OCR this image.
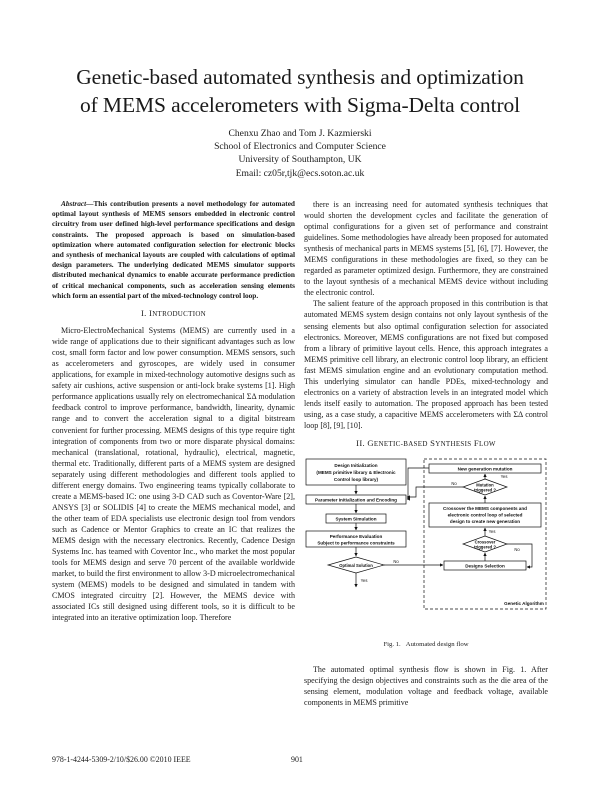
Genetic-based automated synthesis and optimization
of MEMS accelerometers with Sigma-Delta control
Chenxu Zhao and Tom J. Kazmierski
School of Electronics and Computer Science
University of Southampton, UK
Email: cz05r,tjk@ecs.soton.ac.uk

Abstract—This contribution presents a novel methodology for automated optimal layout synthesis of MEMS sensors embedded in electronic control circuitry from user defined high-level performance specifications and design constraints. The proposed approach is based on simulation-based optimization where automated configuration selection for electronic blocks and synthesis of mechanical layouts are coupled with calculations of optimal design parameters. The underlying dedicated MEMS simulator supports distributed mechanical dynamics to enable accurate performance prediction of critical mechanical components, such as acceleration sensing elements which form an essential part of the mixed-technology control loop.

I. INTRODUCTION

Micro-ElectroMechanical Systems (MEMS) are currently used in a wide range of applications due to their significant advantages such as low cost, small form factor and low power consumption. MEMS sensors, such as accelerometers and gyroscopes, are widely used in consumer applications, for example in mixed-technology automotive designs such as safety air cushions, active suspension or anti-lock brake systems [1]. High performance applications usually rely on electromechanical ΣΔ modulation feedback control to improve performance, bandwidth, linearity, dynamic range and to convert the acceleration signal to a digital bitstream convenient for further processing. MEMS designs of this type require tight integration of components from two or more disparate physical domains: mechanical (translational, rotational, hydraulic), electrical, magnetic, thermal etc. Traditionally, different parts of a MEMS system are designed separately using different methodologies and different tools applied to different energy domains. Two engineering teams typically collaborate to create a MEMS-based IC: one using 3-D CAD such as Coventor-Ware [2], ANSYS [3] or SOLIDIS [4] to create the MEMS mechanical model, and the other team of EDA specialists use electronic design tool from vendors such as Cadence or Mentor Graphics to create an IC that realizes the MEMS design with the necessary electronics. Recently, Cadence Design Systems Inc. has teamed with Coventor Inc., who market the most popular tools for MEMS design and serve 70 percent of the available worldwide market, to build the first environment to allow 3-D microelectromechanical system (MEMS) models to be designed and simulated in tandem with CMOS integrated circuitry [2]. However, the MEMS device with associated ICs still designed using different tools, so it is difficult to be integrated into an iterative optimization loop. Therefore

there is an increasing need for automated synthesis techniques that would shorten the development cycles and facilitate the generation of optimal configurations for a given set of performance and constraint guidelines. Some methodologies have already been proposed for automated synthesis of mechanical parts in MEMS systems [5], [6], [7]. However, the MEMS configurations in these methodologies are fixed, so they can be regarded as parameter optimized design. Furthermore, they are constrained to the layout synthesis of a mechanical MEMS device without including the electronic control.

The salient feature of the approach proposed in this contribution is that automated MEMS system design contains not only layout synthesis of the sensing elements but also optimal configuration selection for associated electronics. Moreover, MEMS configurations are not fixed but composed from a library of primitive layout cells. Hence, this approach integrates a MEMS primitive cell library, an electronic control loop library, an efficient fast MEMS simulation engine and an evolutionary computation method. This underlying simulator can handle PDEs, mixed-technology and electronics on a variety of abstraction levels in an integrated model which lends itself easily to automation. The proposed approach has been tested using, as a case study, a capacitive MEMS accelerometers with ΣΔ control loop [8], [9], [10].

II. GENETIC-BASED SYNTHESIS FLOW
Design Initialization
(MEMS primitive library & Electronic
Control loop library)
Parameter Initialization and Encoding
System Simulation
Performance Evaluation
Subject to performance constraints
Optimal Solution
Yes
No
New generation mutation
Mutation
triggered ?
Yes
No
Crossover the MEMS components and
electronic control loop of selected
design to create new generation
Crossover
triggered ?
Yes
No
Designs Selection
Genetic Algorithm
Fig. 1. Automated design flow

The automated optimal synthesis flow is shown in Fig. 1. After specifying the design objectives and constraints such as the die area of the sensing element, modulation voltage and feedback voltage, available components in MEMS primitive

978-1-4244-5309-2/10/$26.00 ©2010 IEEE	901
